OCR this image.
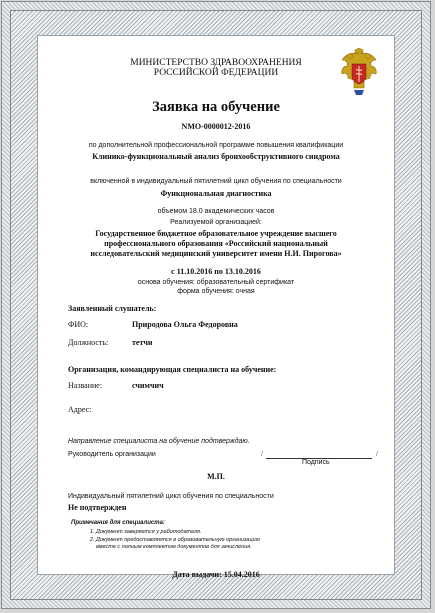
МИНИСТЕРСТВО ЗДРАВООХРАНЕНИЯ
РОССИЙСКОЙ ФЕДЕРАЦИИ
Заявка на обучение
NMO-0000012-2016
по дополнительной профессиональной программе повышения квалификации
Клинико-функциональный анализ бронхообструктивного синдрома
включенной в индивидуальный пятилетний цикл обучения по специальности
Функциональная диагностика
объемом 18.0 академических часов
Реализуемой организацией:
Государственное бюджетное образовательное учреждение высшего
профессионального образования «Российский национальный
исследовательский медицинский университет имени Н.И. Пирогова»
с 11.10.2016 по 13.10.2016
основа обучения: образовательный сертификат
форма обучения: очная
Заявленный слушатель:
ФИО:	Природова Ольга Федоровна
Должность:	тетчи
Организация, командирующая специалиста на обучение:
Название:	счимчич
Адрес:
Направление специалиста на обучение подтверждаю.
Руководитель организации	/	/
Подпись
М.П.
Индивидуальный пятилетний цикл обучения по специальности
Не подтвержден
Примечания для специалиста:
1. Документ заверяется у работодателя.
2. Документ предоставляется в образовательную организацию
вместе с полным комплектом документов для зачисления.
Дата выдачи: 15.04.2016
